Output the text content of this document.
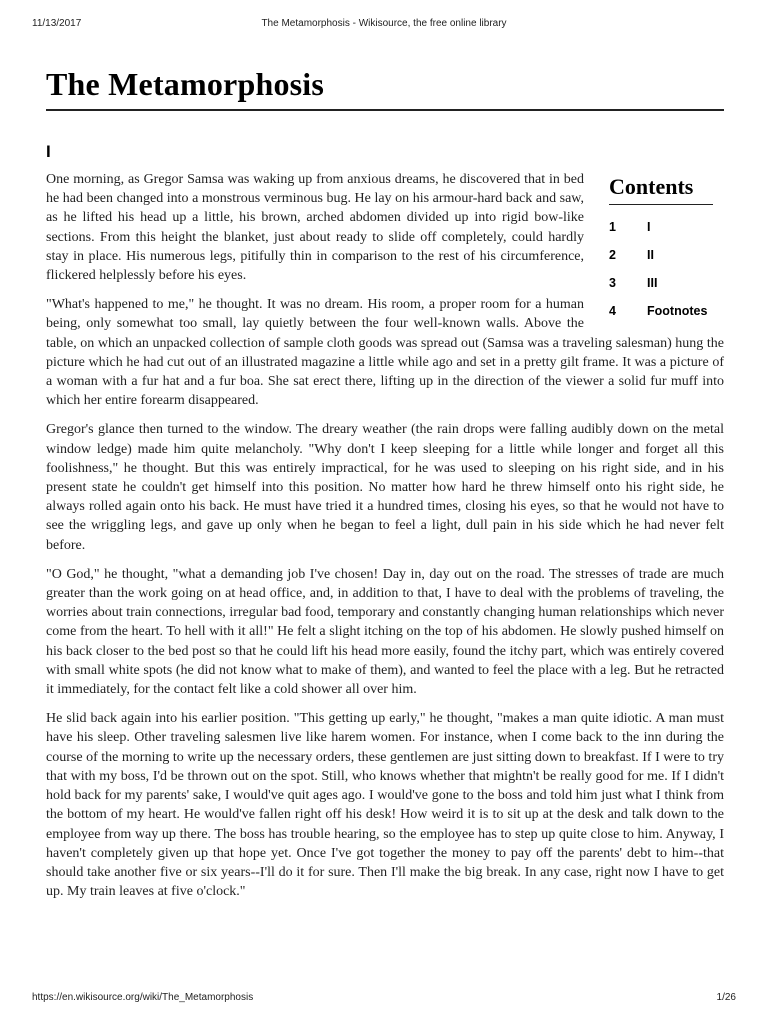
11/13/2017	The Metamorphosis - Wikisource, the free online library
The Metamorphosis
I
Contents
1 I
2 II
3 III
4 Footnotes

One morning, as Gregor Samsa was waking up from anxious dreams, he discovered that in bed he had been changed into a monstrous verminous bug. He lay on his armour-hard back and saw, as he lifted his head up a little, his brown, arched abdomen divided up into rigid bow-like sections. From this height the blanket, just about ready to slide off completely, could hardly stay in place. His numerous legs, pitifully thin in comparison to the rest of his circumference, flickered helplessly before his eyes.

"What's happened to me," he thought. It was no dream. His room, a proper room for a human being, only somewhat too small, lay quietly between the four well-known walls. Above the table, on which an unpacked collection of sample cloth goods was spread out (Samsa was a traveling salesman) hung the picture which he had cut out of an illustrated magazine a little while ago and set in a pretty gilt frame. It was a picture of a woman with a fur hat and a fur boa. She sat erect there, lifting up in the direction of the viewer a solid fur muff into which her entire forearm disappeared.

Gregor's glance then turned to the window. The dreary weather (the rain drops were falling audibly down on the metal window ledge) made him quite melancholy. "Why don't I keep sleeping for a little while longer and forget all this foolishness," he thought. But this was entirely impractical, for he was used to sleeping on his right side, and in his present state he couldn't get himself into this position. No matter how hard he threw himself onto his right side, he always rolled again onto his back. He must have tried it a hundred times, closing his eyes, so that he would not have to see the wriggling legs, and gave up only when he began to feel a light, dull pain in his side which he had never felt before.

"O God," he thought, "what a demanding job I've chosen! Day in, day out on the road. The stresses of trade are much greater than the work going on at head office, and, in addition to that, I have to deal with the problems of traveling, the worries about train connections, irregular bad food, temporary and constantly changing human relationships which never come from the heart. To hell with it all!" He felt a slight itching on the top of his abdomen. He slowly pushed himself on his back closer to the bed post so that he could lift his head more easily, found the itchy part, which was entirely covered with small white spots (he did not know what to make of them), and wanted to feel the place with a leg. But he retracted it immediately, for the contact felt like a cold shower all over him.

He slid back again into his earlier position. "This getting up early," he thought, "makes a man quite idiotic. A man must have his sleep. Other traveling salesmen live like harem women. For instance, when I come back to the inn during the course of the morning to write up the necessary orders, these gentlemen are just sitting down to breakfast. If I were to try that with my boss, I'd be thrown out on the spot. Still, who knows whether that mightn't be really good for me. If I didn't hold back for my parents' sake, I would've quit ages ago. I would've gone to the boss and told him just what I think from the bottom of my heart. He would've fallen right off his desk! How weird it is to sit up at the desk and talk down to the employee from way up there. The boss has trouble hearing, so the employee has to step up quite close to him. Anyway, I haven't completely given up that hope yet. Once I've got together the money to pay off the parents' debt to him--that should take another five or six years--I'll do it for sure. Then I'll make the big break. In any case, right now I have to get up. My train leaves at five o'clock."

https://en.wikisource.org/wiki/The_Metamorphosis	1/26
